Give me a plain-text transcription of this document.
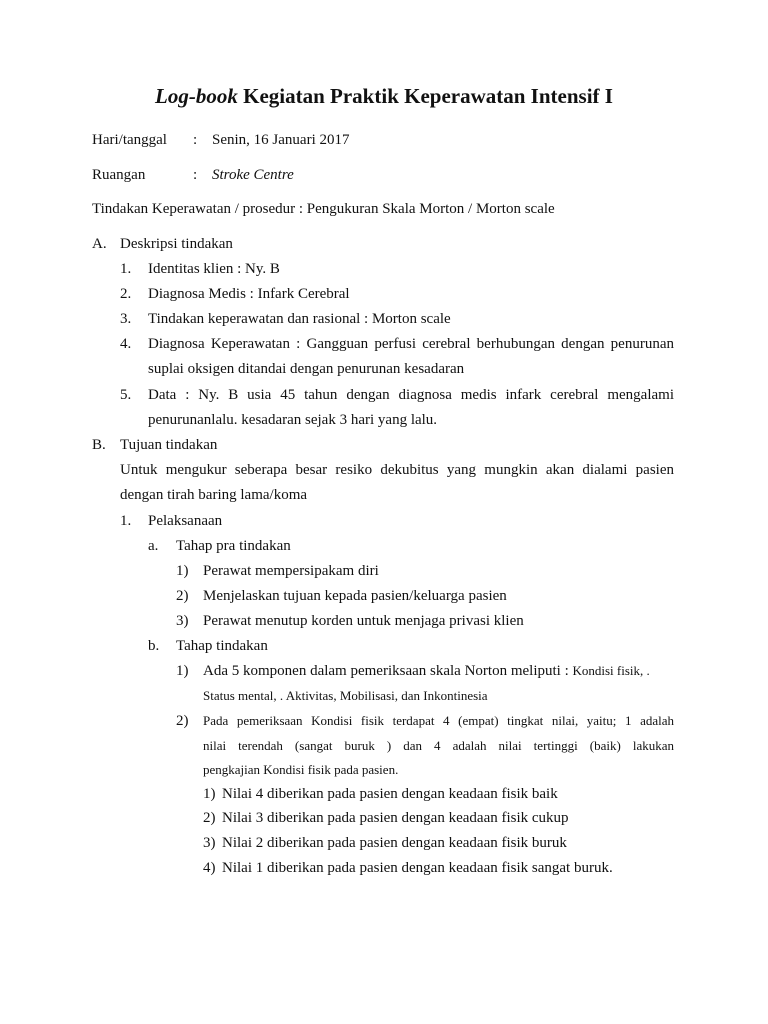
Log-book Kegiatan Praktik Keperawatan Intensif I
Hari/tanggal : Senin, 16 Januari 2017
Ruangan	: Stroke Centre
Tindakan Keperawatan / prosedur : Pengukuran Skala Morton / Morton scale
A. Deskripsi tindakan
1. Identitas klien : Ny. B
2. Diagnosa Medis : Infark Cerebral
3. Tindakan keperawatan dan rasional : Morton scale
4. Diagnosa Keperawatan : Gangguan perfusi cerebral berhubungan dengan penurunan
suplai oksigen ditandai dengan penurunan kesadaran
5. Data : Ny. B usia 45 tahun dengan diagnosa medis infark cerebral mengalami
penurunanlalu. kesadaran sejak 3 hari yang lalu.
B. Tujuan tindakan
Untuk mengukur seberapa besar resiko dekubitus yang mungkin akan dialami pasien
dengan tirah baring lama/koma
1. Pelaksanaan
a. Tahap pra tindakan
1) Perawat mempersipakam diri
2) Menjelaskan tujuan kepada pasien/keluarga pasien
3) Perawat menutup korden untuk menjaga privasi klien
b. Tahap tindakan
1) Ada 5 komponen dalam pemeriksaan skala Norton meliputi : Kondisi fisik, .
Status mental, . Aktivitas, Mobilisasi, dan Inkontinesia
2) Pada pemeriksaan Kondisi fisik terdapat 4 (empat) tingkat nilai, yaitu; 1 adalah
nilai terendah (sangat buruk ) dan 4 adalah nilai tertinggi (baik) lakukan
pengkajian Kondisi fisik pada pasien.
1) Nilai 4 diberikan pada pasien dengan keadaan fisik baik
2) Nilai 3 diberikan pada pasien dengan keadaan fisik cukup
3) Nilai 2 diberikan pada pasien dengan keadaan fisik buruk
4) Nilai 1 diberikan pada pasien dengan keadaan fisik sangat buruk.
